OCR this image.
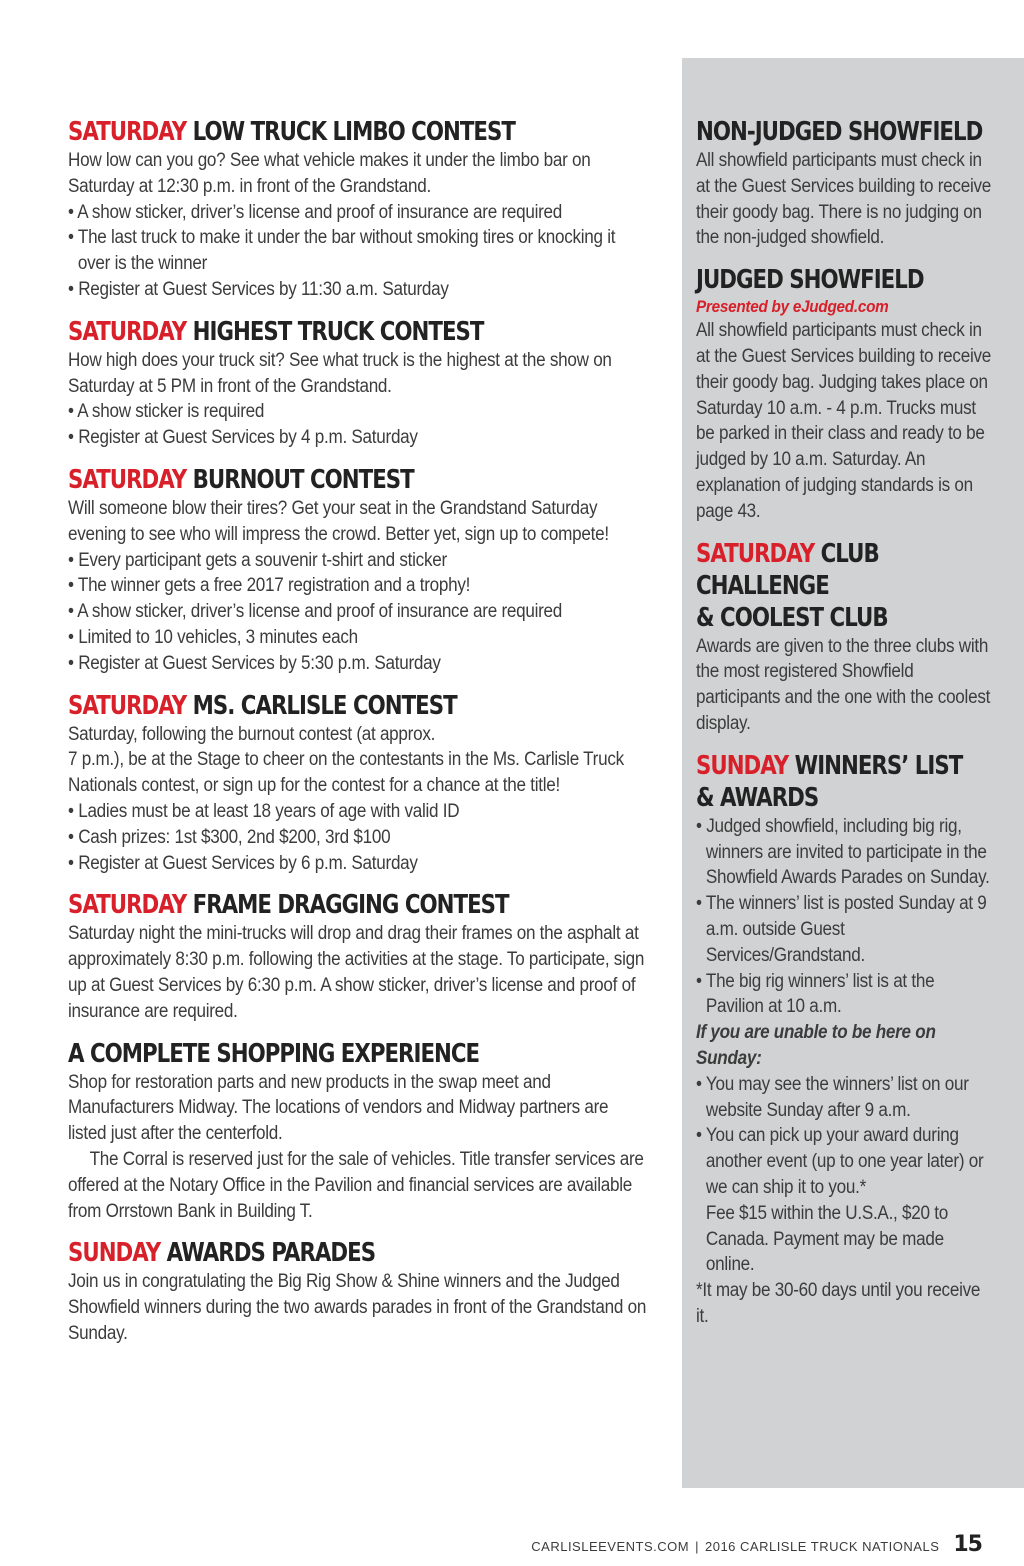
SATURDAY LOW TRUCK LIMBO CONTEST

How low can you go? See what vehicle makes it under the limbo bar on Saturday at 12:30 p.m. in front of the Grandstand.

• A show sticker, driver’s license and proof of insurance are required

• The last truck to make it under the bar without smoking tires or knocking it over is the winner

• Register at Guest Services by 11:30 a.m. Saturday

SATURDAY HIGHEST TRUCK CONTEST

How high does your truck sit? See what truck is the highest at the show on Saturday at 5 PM in front of the Grandstand.

• A show sticker is required

• Register at Guest Services by 4 p.m. Saturday

SATURDAY BURNOUT CONTEST

Will someone blow their tires? Get your seat in the Grandstand Saturday evening to see who will impress the crowd. Better yet, sign up to compete!

• Every participant gets a souvenir t-shirt and sticker

• The winner gets a free 2017 registration and a trophy!

• A show sticker, driver’s license and proof of insurance are required

• Limited to 10 vehicles, 3 minutes each

• Register at Guest Services by 5:30 p.m. Saturday

SATURDAY MS. CARLISLE CONTEST

Saturday, following the burnout contest (at approx.

7 p.m.), be at the Stage to cheer on the contestants in the Ms. Carlisle Truck Nationals contest, or sign up for the contest for a chance at the title!

• Ladies must be at least 18 years of age with valid ID

• Cash prizes: 1st $300, 2nd $200, 3rd $100

• Register at Guest Services by 6 p.m. Saturday

SATURDAY FRAME DRAGGING CONTEST

Saturday night the mini-trucks will drop and drag their frames on the asphalt at approximately 8:30 p.m. following the activities at the stage. To participate, sign up at Guest Services by 6:30 p.m. A show sticker, driver’s license and proof of insurance are required.

A COMPLETE SHOPPING EXPERIENCE

Shop for restoration parts and new products in the swap meet and Manufacturers Midway. The locations of vendors and Midway partners are listed just after the centerfold.

The Corral is reserved just for the sale of vehicles. Title transfer services are offered at the Notary Office in the Pavilion and financial services are available from Orrstown Bank in Building T.

SUNDAY AWARDS PARADES

Join us in congratulating the Big Rig Show & Shine winners and the Judged Showfield winners during the two awards parades in front of the Grandstand on Sunday.

NON-JUDGED SHOWFIELD

All showfield participants must check in at the Guest Services building to receive their goody bag. There is no judging on the non-judged showfield.

JUDGED SHOWFIELD

Presented by eJudged.com

All showfield participants must check in at the Guest Services building to receive their goody bag. Judging takes place on Saturday 10 a.m. - 4 p.m. Trucks must be parked in their class and ready to be judged by 10 a.m. Saturday. An explanation of judging standards is on page 43.

SATURDAY CLUB CHALLENGE
& COOLEST CLUB

Awards are given to the three clubs with the most registered Showfield participants and the one with the coolest display.

SUNDAY WINNERS’ LIST
& AWARDS

• Judged showfield, including big rig, winners are invited to participate in the Showfield Awards Parades on Sunday.

• The winners’ list is posted Sunday at 9 a.m. outside Guest Services/Grandstand.

• The big rig winners’ list is at the Pavilion at 10 a.m.

If you are unable to be here on Sunday:

• You may see the winners’ list on our website Sunday after 9 a.m.

• You can pick up your award during another event (up to one year later) or we can ship it to you.*

Fee $15 within the U.S.A., $20 to Canada. Payment may be made online.

*It may be 30-60 days until you receive it.

CARLISLEEVENTS.COM | 2016 CARLISLE TRUCK NATIONALS 15
